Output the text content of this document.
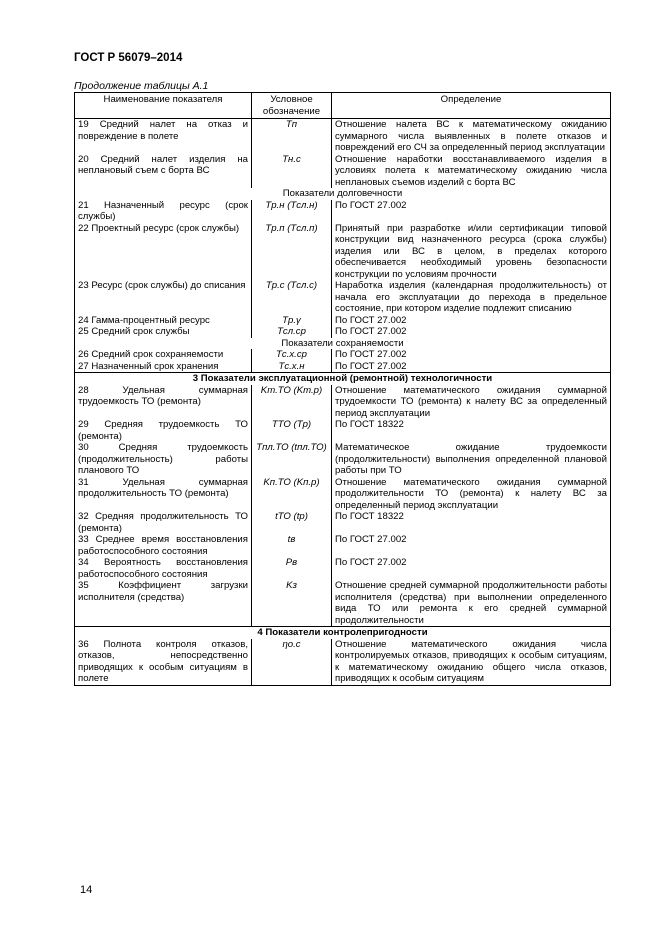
ГОСТ Р 56079–2014
Продолжение таблицы А.1
Наименование показателя	Условное обозначение	Определение
19 Средний налет на отказ и повреждение в полете	Tп	Отношение налета ВС к математическому ожиданию суммарного числа выявленных в полете отказов и повреждений его СЧ за определенный период эксплуатации
20 Средний налет изделия на неплановый съем с борта ВС	Tн.с	Отношение наработки восстанавливаемого изделия в условиях полета к математическому ожиданию числа неплановых съемов изделий с борта ВС
Показатели долговечности		
21 Назначенный ресурс (срок службы)	Tр.н (Tсл.н)	По ГОСТ 27.002
22 Проектный ресурс (срок службы)	Tр.п (Tсл.п)	Принятый при разработке и/или сертификации типовой конструкции вид назначенного ресурса (срока службы) изделия или ВС в целом, в пределах которого обеспечивается необходимый уровень безопасности конструкции по условиям прочности
23 Ресурс (срок службы) до списания	Tр.с (Tсл.с)	Наработка изделия (календарная продолжительность) от начала его эксплуатации до перехода в предельное состояние, при котором изделие подлежит списанию
24 Гамма-процентный ресурс	Tр.γ	По ГОСТ 27.002
25 Средний срок службы	Tсл.ср	По ГОСТ 27.002
Показатели сохраняемости		
26 Средний срок сохраняемости	Tс.х.ср	По ГОСТ 27.002
27 Назначенный срок хранения	Tс.х.н	По ГОСТ 27.002
3 Показатели эксплуатационной (ремонтной) технологичности		
28 Удельная суммарная трудоемкость ТО (ремонта)	Kт.ТО (Kт.р)	Отношение математического ожидания суммарной трудоемкости ТО (ремонта) к налету ВС за определенный период эксплуатации
29 Средняя трудоемкость ТО (ремонта)	TТО (Tр)	По ГОСТ 18322
30 Средняя трудоемкость (продолжительность) работы планового ТО	Tпл.ТО (tпл.ТО)	Математическое ожидание трудоемкости (продолжительности) выполнения определенной плановой работы при ТО
31 Удельная суммарная продолжительность ТО (ремонта)	Kп.ТО (Kп.р)	Отношение математического ожидания суммарной продолжительности ТО (ремонта) к налету ВС за определенный период эксплуатации
32 Средняя продолжительность ТО (ремонта)	tТО (tр)	По ГОСТ 18322
33 Среднее время восстановления работоспособного состояния	tв	По ГОСТ 27.002
34 Вероятность восстановления работоспособного состояния	Pв	По ГОСТ 27.002
35 Коэффициент загрузки исполнителя (средства)	Kз	Отношение средней суммарной продолжительности работы исполнителя (средства) при выполнении определенного вида ТО или ремонта к его средней суммарной продолжительности
4 Показатели контролепригодности		
36 Полнота контроля отказов, отказов, непосредственно приводящих к особым ситуациям в полете	ηо.с	Отношение математического ожидания числа контролируемых отказов, приводящих к особым ситуациям, к математическому ожиданию общего числа отказов, приводящих к особым ситуациям
14
